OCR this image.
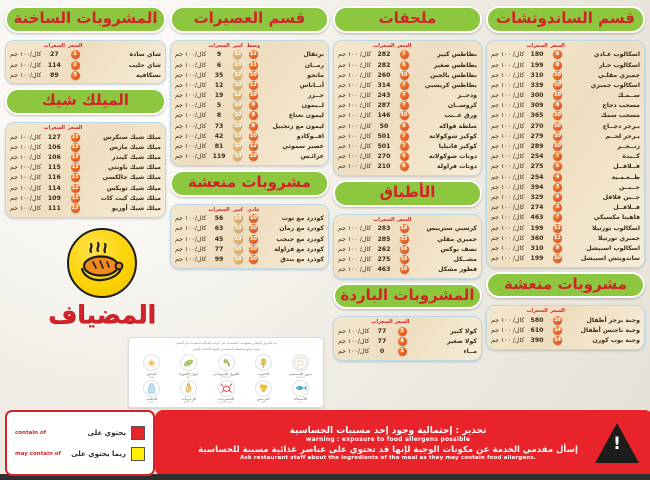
قسم الساندوتشات
	السعر	السعرات	
اسكالوب عـادي	8	180	كال/ ١٠٠ جم
اسكالوب حـار	8	199	كال/ ١٠٠ جم
جمبري مقلـي	10	310	كال/ ١٠٠ جم
اسكالوب جمبري	10	339	كال/ ١٠٠ جم
ســمـك	10	300	كال/ ١٠٠ جم
مسحب دجاج	8	309	كال/ ١٠٠ جم
مسحب سمك	10	365	كال/ ١٠٠ جم
بـرجر دجــاج	10	270	كال/ ١٠٠ جم
بـرجر لحــم	10	279	كال/ ١٠٠ جم
زنــجــر	10	289	كال/ ١٠٠ جم
كــبدة	7	254	كال/ ١٠٠ جم
فــلافــل	5	275	كال/ ١٠٠ جم
طــعـمـية	4	254	كال/ ١٠٠ جم
جــبــن	3	394	كال/ ١٠٠ جم
جــبن فلافل	6	329	كال/ ١٠٠ جم
فــلافــل	3	274	كال/ ١٠٠ جم
فاهيتا مكسيكي	7	463	كال/ ١٠٠ جم
اسكالوب تورتيلا	11	199	كال/ ١٠٠ جم
جمبري تورتيلا	11	360	كال/ ١٠٠ جم
اسكالوب اسبيشل	9	310	كال/ ١٠٠ جم
ساندويتش اسبيشل	10	199	كال/ ١٠٠ جم
مشروبات منعشة
	السعر	السعرات	
وجبة برجر أطفال	16	580	كال/ ١٠٠ جم
وجبة ناجتس أطفال	14	610	كال/ ١٠٠ جم
وجبة بوب كورن	14	390	كال/ ١٠٠ جم
ملحقات
	السعر	السعرات	
بطاطس كبير	7	282	كال/ ١٠٠ جم
بطاطس صغير	5	282	كال/ ١٠٠ جم
بطاطس بالجبن	10	260	كال/ ١٠٠ جم
بطاطس كريسبي	7	314	كال/ ١٠٠ جم
ودجــز	7	243	كال/ ١٠٠ جم
كروســان	7	287	كال/ ١٠٠ جم
ورق عــنب	10	146	كال/ ١٠٠ جم
سلطة فواكه	9	50	كال/ ١٠٠ جم
كوكيز شوكولاتة	7	501	كال/ ١٠٠ جم
كوكيز فانيليا	7	501	كال/ ١٠٠ جم
دونات شوكولاتة	6	270	كال/ ١٠٠ جم
دونات فراولة	6	210	كال/ ١٠٠ جم
الأطباق
	السعر	السعرات	
كرسبي ستريبس	18	283	كال/ ١٠٠ جم
جمبري مقلي	25	285	كال/ ١٠٠ جم
نصف بوكس	16	262	كال/ ١٠٠ جم
مشــكل	16	275	كال/ ١٠٠ جم
فطور مشكل	16	463	كال/ ١٠٠ جم
المشروبات الباردة
	السعر	السعرات	
كولا كبير	5	77	كال/١٠٠ جم
كولا صغير	4	77	كال/١٠٠ جم
مــاء	1	0	كال/١٠٠ جم
قسم العصيرات
	وسط	كبير	السعرات	
برتقال	11	12	9	كال/١٠٠ جم
رمــان	11	13	6	كال/١٠٠ جم
مانجو	10	12	35	كال/١٠٠ جم
أنــاناس	12	10	12	كال/١٠٠ جم
جــزر	10	12	19	كال/١٠٠ جم
لــيمون	9	10	5	كال/١٠٠ جم
ليمون نعناع	9	10	8	كال/١٠٠ جم
ليمون مع زنجبيل	9	10	73	كال/١٠٠ جم
افــوكادو	10	13	42	كال/١٠٠ جم
عصير سموثي	12	10	81	كال/١٠٠ جم
عرائـس	10	10	119	كال/١٠٠ جم
مشروبات منعشة
	عادي	كبير	السعرات	
كودرد مع توت	10	13	56	كال/١٠٠ جم
كودرد مع رمان	10	13	63	كال/١٠٠ جم
كودرد مع حبحب	10	13	45	كال/١٠٠ جم
كودرد مع فراولة	10	13	77	كال/١٠٠ جم
كودرد مع بندق	10	13	99	كال/١٠٠ جم
المشروبات الساخنة
	السعر	السعرات	
شاي سادة	1	27	كال/١٠٠ جم
شاي حليب	2	114	كال/١٠٠ جم
نسكافيه	3	89	كال/١٠٠ جم
الميلك شيك
	السعر	السعرات	
ميلك شيك سنكرس	13	127	كال/١٠٠ جم
ميلك شيك مارس	13	106	كال/١٠٠ جم
ميلك شيك كيندر	13	106	كال/١٠٠ جم
ميلك شيك باونتي	13	115	كال/١٠٠ جم
ميلك شيك جالكسي	13	116	كال/١٠٠ جم
ميلك شيك توبكس	13	114	كال/١٠٠ جم
ميلك شيك كيت كات	13	109	كال/١٠٠ جم
ميلك شيك أوريو	13	111	كال/١٠٠ جم
المضياف
يتم الجدول الوقائي بمعلومات المعتمدة على الوجبة الغذائية المقدمة لدى العميل
ويتم جمعها بواسطة المختصين بالمواد الغذائية الطبي
بذور السمسم
Sesame
الحبوب
Gluten
الفول السوداني
Peanuts
فول الصويا
Soy
البيض
Eggs
الأسماك
Fish
الترمس
Lupin
القشريات
Crustaceans
الرخويات
Molluscs
الحليب
Milk
!
تحذير : إحتمالية وجود إحد مسببات الحساسية
warning : exposure to food allergens possible
إسأل مقدمي الخدمة عن مكونات الوجبة لإنها قد تحتوي على عناصر غذائية مسببة للحساسية
Ask restaurant staff about the ingredients of the meal as they may contain food allergens.
يحتوي على
contain of
ربما يحتوي على
may contain of
